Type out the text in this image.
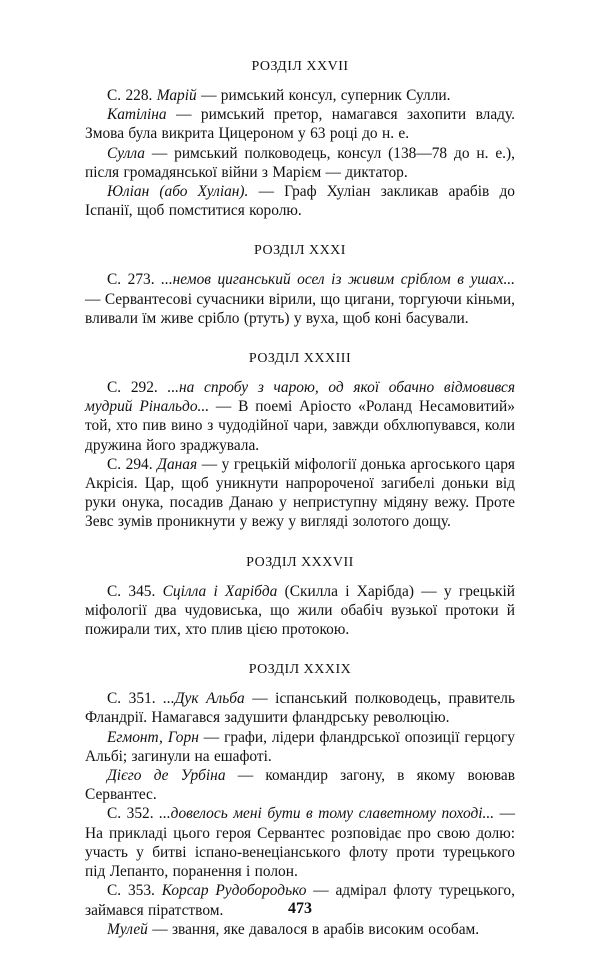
РОЗДІЛ XXVII

С. 228. Марій — римський консул, суперник Сулли.

Катіліна — римський претор, намагався захопити владу. Змова була викрита Цицероном у 63 році до н. е.

Сулла — римський полководець, консул (138—78 до н. е.), після громадянської війни з Марієм — диктатор.

Юліан (або Хуліан). — Граф Хуліан закликав арабів до Іспанії, щоб помститися королю.

РОЗДІЛ XXXI

С. 273. ...немов циганський осел із живим сріблом в ушах... — Сервантесові сучасники вірили, що цигани, торгуючи кіньми, вливали їм живе срібло (ртуть) у вуха, щоб коні басували.

РОЗДІЛ XXXIII

С. 292. ...на спробу з чарою, од якої обачно відмовився мудрий Рінальдо... — В поемі Аріосто «Роланд Несамовитий» той, хто пив вино з чудодійної чари, завжди обхлюпувався, коли дружина його зраджувала.

С. 294. Даная — у грецькій міфології донька аргоського царя Акрісія. Цар, щоб уникнути напророченої загибелі доньки від руки онука, посадив Данаю у неприступну мідяну вежу. Проте Зевс зумів проникнути у вежу у вигляді золотого дощу.

РОЗДІЛ XXXVII

С. 345. Сцілла і Харібда (Скилла і Харібда) — у грецькій міфології два чудовиська, що жили обабіч вузької протоки й пожирали тих, хто плив цією протокою.

РОЗДІЛ XXXIX

С. 351. ...Дук Альба — іспанський полководець, правитель Фландрії. Намагався задушити фландрську революцію.

Егмонт, Горн — графи, лідери фландрської опозиції герцогу Альбі; загинули на ешафоті.

Дієго де Урбіна — командир загону, в якому воював Сервантес.

С. 352. ...довелось мені бути в тому славетному поході... — На прикладі цього героя Сервантес розповідає про свою долю: участь у битві іспано-венеціанського флоту проти турецького під Лепанто, поранення і полон.

С. 353. Корсар Рудобородько — адмірал флоту турецького, займався піратством.

Мулей — звання, яке давалося в арабів високим особам.

473
